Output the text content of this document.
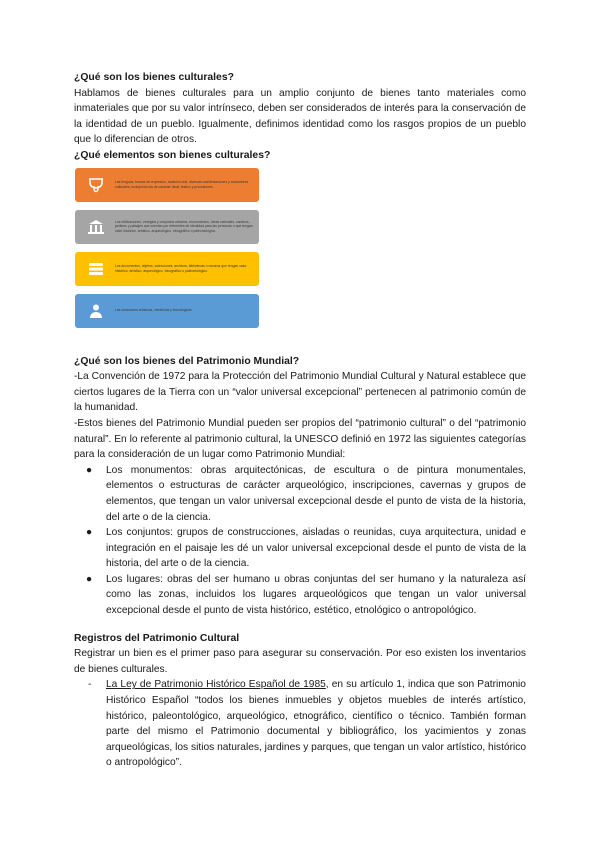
¿Qué son los bienes culturales?

Hablamos de bienes culturales para un amplio conjunto de bienes tanto materiales como inmateriales que por su valor intrínseco, deben ser considerados de interés para la conservación de la identidad de un pueblo. Igualmente, definimos identidad como los rasgos propios de un pueblo que lo diferencian de otros.

¿Qué elementos son bienes culturales?
Las lenguas, formas de expresión, tradición oral, diversas manifestaciones y costumbres culturales, incluyendo las de carácter ritual, festivo y procesiones.
Los edificaciones, vestigios y conjuntos urbanos, monumentos, obras naturales, caminos, jardines y paisajes que cuentan por referentes de identidad para las personas o que tengan valor histórico, artístico, arqueológico, etnográfico o paleontológico.
Los documentos, objetos, colecciones, archivos, bibliotecas o museos que tengan valor histórico, artístico, arqueológico, etnográfico o paleontológico.
Las creaciones artísticas, científicas y tecnológicas.
¿Qué son los bienes del Patrimonio Mundial?

-La Convención de 1972 para la Protección del Patrimonio Mundial Cultural y Natural establece que ciertos lugares de la Tierra con un “valor universal excepcional” pertenecen al patrimonio común de la humanidad.

-Estos bienes del Patrimonio Mundial pueden ser propios del “patrimonio cultural” o del “patrimonio natural”. En lo referente al patrimonio cultural, la UNESCO definió en 1972 las siguientes categorías para la consideración de un lugar como Patrimonio Mundial:

● Los monumentos: obras arquitectónicas, de escultura o de pintura monumentales, elementos o estructuras de carácter arqueológico, inscripciones, cavernas y grupos de elementos, que tengan un valor universal excepcional desde el punto de vista de la historia, del arte o de la ciencia.
● Los conjuntos: grupos de construcciones, aisladas o reunidas, cuya arquitectura, unidad e integración en el paisaje les dé un valor universal excepcional desde el punto de vista de la historia, del arte o de la ciencia.
● Los lugares: obras del ser humano u obras conjuntas del ser humano y la naturaleza así como las zonas, incluidos los lugares arqueológicos que tengan un valor universal excepcional desde el punto de vista histórico, estético, etnológico o antropológico.
Registros del Patrimonio Cultural

Registrar un bien es el primer paso para asegurar su conservación. Por eso existen los inventarios de bienes culturales.

- La Ley de Patrimonio Histórico Español de 1985, en su artículo 1, indica que son Patrimonio Histórico Español “todos los bienes inmuebles y objetos muebles de interés artístico, histórico, paleontológico, arqueológico, etnográfico, científico o técnico. También forman parte del mismo el Patrimonio documental y bibliográfico, los yacimientos y zonas arqueológicas, los sitios naturales, jardines y parques, que tengan un valor artístico, histórico o antropológico”.
